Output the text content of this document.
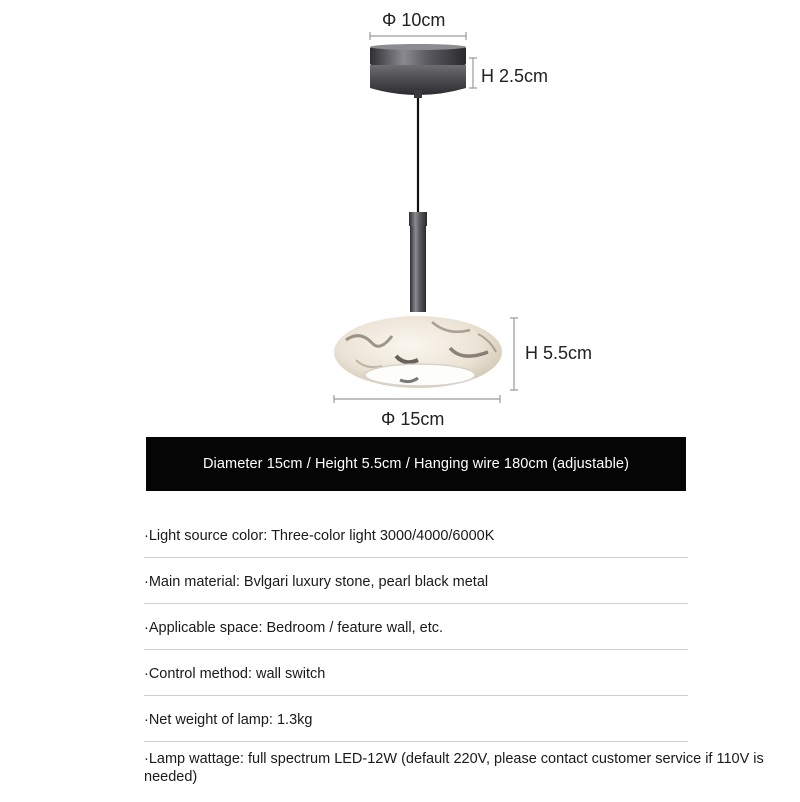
Φ 10cm
H 2.5cm
H 5.5cm
Φ 15cm
Diameter 15cm / Height 5.5cm / Hanging wire 180cm (adjustable)
·Light source color: Three-color light 3000/4000/6000K
·Main material: Bvlgari luxury stone, pearl black metal
·Applicable space: Bedroom / feature wall, etc.
·Control method: wall switch
·Net weight of lamp: 1.3kg
·Lamp wattage: full spectrum LED-12W (default 220V, please contact customer service if 110V is needed)
